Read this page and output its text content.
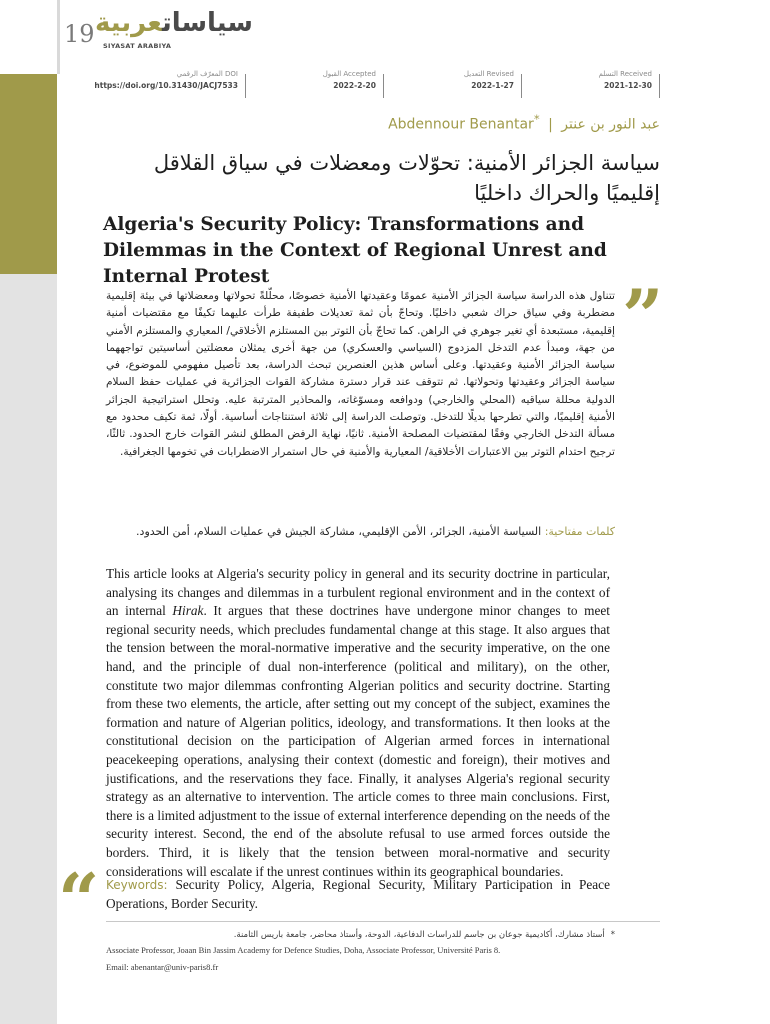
19	سياساتعربية
SIYASAT ARABIYA
التسلم Received
2021-12-30
التعديل Revised
2022-1-27
القبول Accepted
2022-2-20
المعرّف الرقمي DOI
https://doi.org/10.31430/JACJ7533
Abdennour Benantar* | عبد النور بن عنتر
سياسة الجزائر الأمنية: تحوّلات ومعضلات في سياق القلاقل إقليميًا والحراك داخليًا
Algeria's Security Policy: Transformations and Dilemmas in the Context of Regional Unrest and Internal Protest	”
تتناول هذه الدراسة سياسة الجزائر الأمنية عمومًا وعقيدتها الأمنية خصوصًا، محلّلةً تحولاتها ومعضلاتها في بيئة إقليمية مضطربة وفي سياق حراك شعبي داخليًا. وتحاجّ بأن ثمة تعديلات طفيفة طرأت عليهما تكيفًا مع مقتضيات أمنية إقليمية، مستبعدة أي تغير جوهري في الراهن. كما تحاجّ بأن التوتر بين المستلزم الأخلاقي/ المعياري والمستلزم الأمني من جهة، ومبدأ عدم التدخل المزدوج (السياسي والعسكري) من جهة أخرى يمثلان معضلتين أساسيتين تواجههما سياسة الجزائر الأمنية وعقيدتها. وعلى أساس هذين العنصرين تبحث الدراسة، بعد تأصيل مفهومي للموضوع، في سياسة الجزائر وعقيدتها وتحولاتها. ثم تتوقف عند قرار دسترة مشاركة القوات الجزائرية في عمليات حفظ السلام الدولية محللة سياقيه (المحلي والخارجي) ودوافعه ومسوّغاته، والمحاذير المترتبة عليه. وتحلل استراتيجية الجزائر الأمنية إقليميًا، والتي تطرحها بديلًا للتدخل. وتوصلت الدراسة إلى ثلاثة استنتاجات أساسية. أولًا، ثمة تكيف محدود مع مسألة التدخل الخارجي وفقًا لمقتضيات المصلحة الأمنية. ثانيًا، نهاية الرفض المطلق لنشر القوات خارج الحدود. ثالثًا، ترجيح احتدام التوتر بين الاعتبارات الأخلاقية/ المعيارية والأمنية في حال استمرار الاضطرابات في تخومها الجغرافية.
كلمات مفتاحية: السياسة الأمنية، الجزائر، الأمن الإقليمي، مشاركة الجيش في عمليات السلام، أمن الحدود.
This article looks at Algeria's security policy in general and its security doctrine in particular, analysing its changes and dilemmas in a turbulent regional environment and in the context of an internal Hirak. It argues that these doctrines have undergone minor changes to meet regional security needs, which precludes fundamental change at this stage. It also argues that the tension between the moral-normative imperative and the security imperative, on the one hand, and the principle of dual non-interference (political and military), on the other, constitute two major dilemmas confronting Algerian politics and security doctrine. Starting from these two elements, the article, after setting out my concept of the subject, examines the formation and nature of Algerian politics, ideology, and transformations. It then looks at the constitutional decision on the participation of Algerian armed forces in international peacekeeping operations, analysing their context (domestic and foreign), their motives and justifications, and the reservations they face. Finally, it analyses Algeria's regional security strategy as an alternative to intervention. The article comes to three main conclusions. First, there is a limited adjustment to the issue of external interference depending on the needs of the security interest. Second, the end of the absolute refusal to use armed forces outside the borders. Third, it is likely that the tension between moral-normative and security considerations will escalate if the unrest continues within its geographical boundaries.
“ Keywords: Security Policy, Algeria, Regional Security, Military Participation in Peace Operations, Border Security.
*أستاذ مشارك، أكاديمية جوعان بن جاسم للدراسات الدفاعية، الدوحة، وأستاذ محاضر، جامعة باريس الثامنة.
Associate Professor, Joaan Bin Jassim Academy for Defence Studies, Doha, Associate Professor, Université Paris 8.
Email: abenantar@univ-paris8.fr
